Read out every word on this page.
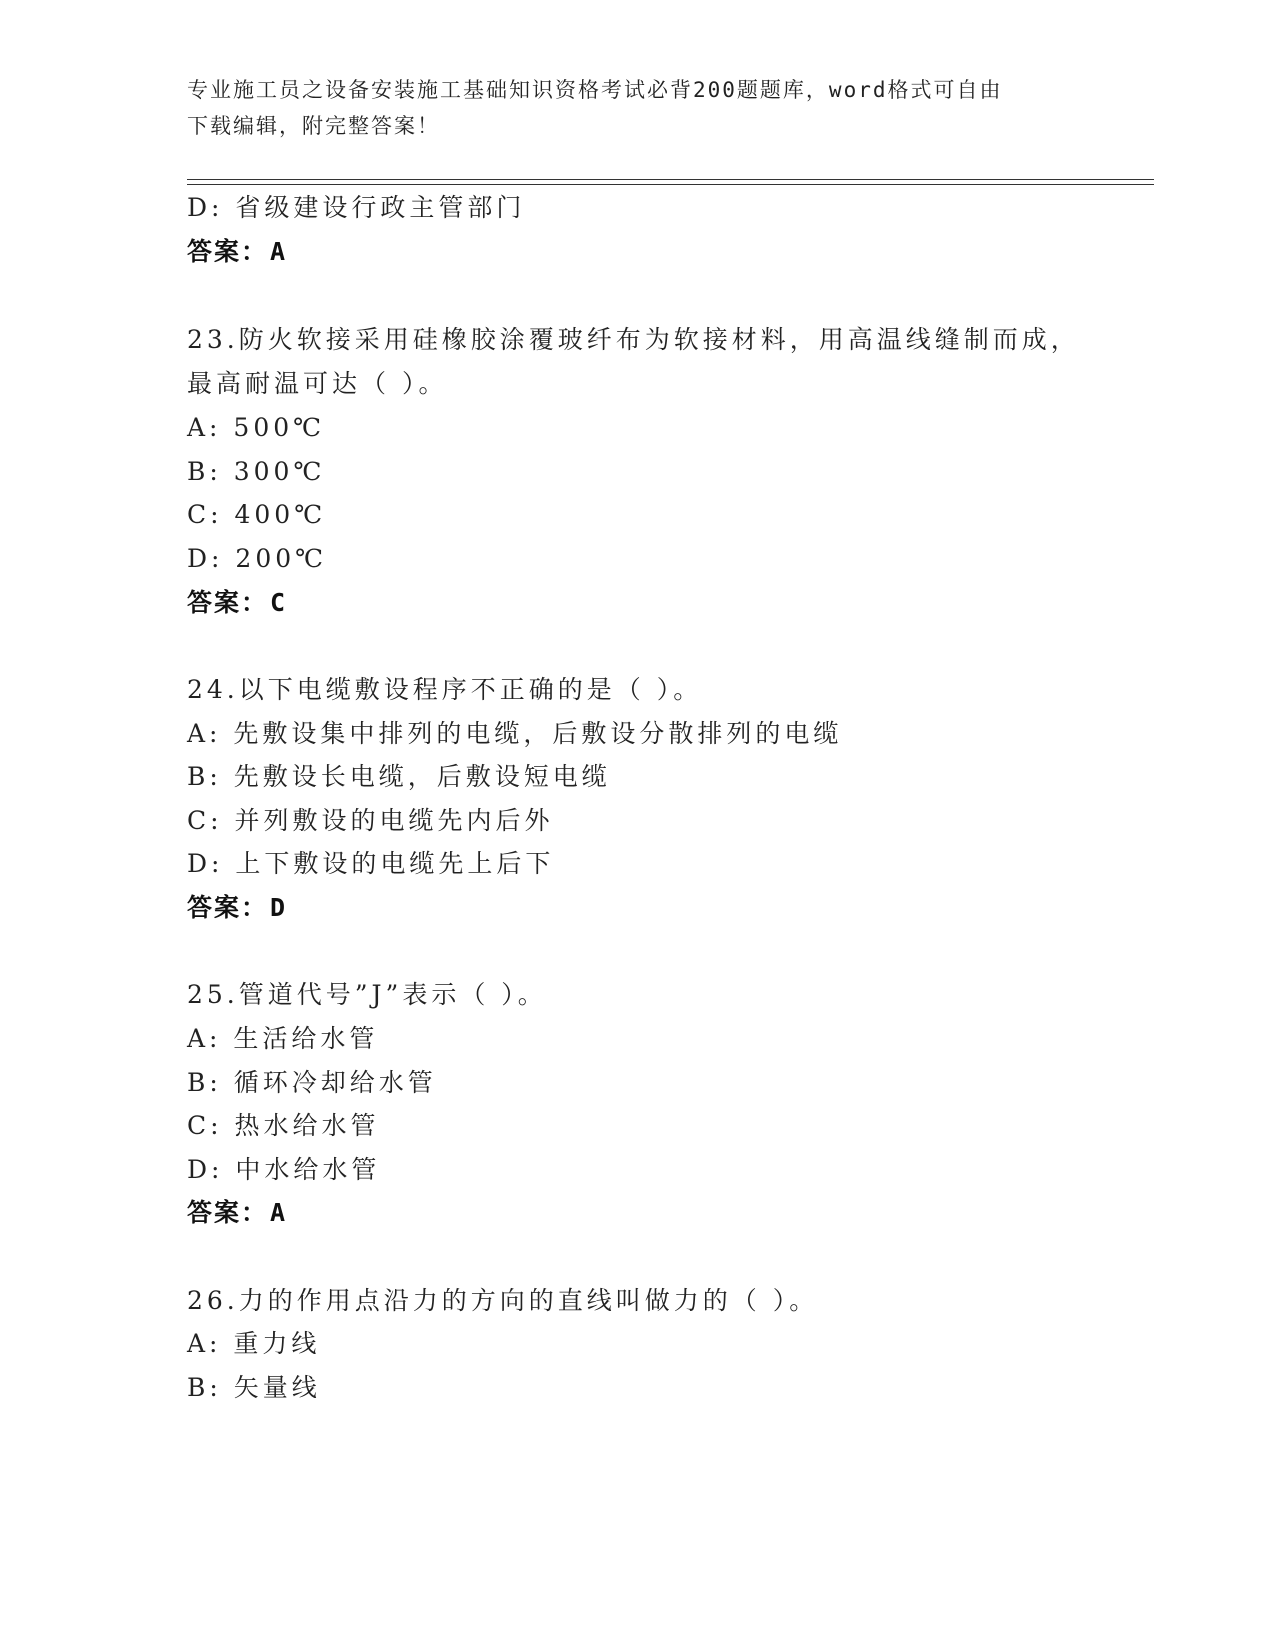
专业施工员之设备安装施工基础知识资格考试必背200题题库，word格式可自由
下载编辑，附完整答案！
D: 省级建设行政主管部门
答案：A
23.防火软接采用硅橡胶涂覆玻纤布为软接材料，用高温线缝制而成，
最高耐温可达（ ）。
A: 500℃
B: 300℃
C: 400℃
D: 200℃
答案：C
24.以下电缆敷设程序不正确的是（ ）。
A: 先敷设集中排列的电缆，后敷设分散排列的电缆
B: 先敷设长电缆，后敷设短电缆
C: 并列敷设的电缆先内后外
D: 上下敷设的电缆先上后下
答案：D
25.管道代号”J”表示（ ）。
A: 生活给水管
B: 循环冷却给水管
C: 热水给水管
D: 中水给水管
答案：A
26.力的作用点沿力的方向的直线叫做力的（ ）。
A: 重力线
B: 矢量线
